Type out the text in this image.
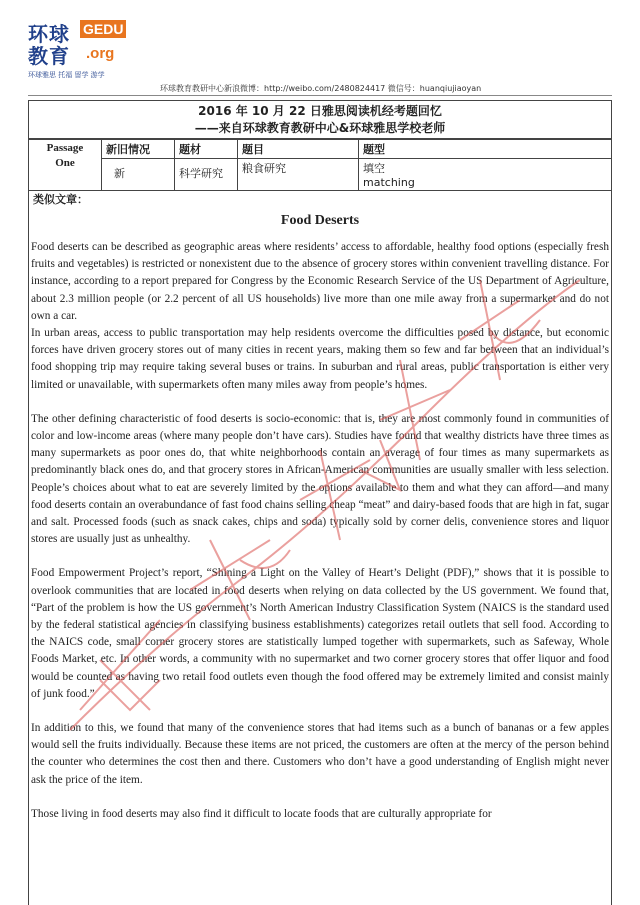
环球
教育
GEDU
.org
环球雅思 托福 留学 游学
环球教育教研中心新浪微博：http://weibo.com/2480824417 微信号：huanqiujiaoyan
2016 年 10 月 22 日雅思阅读机经考题回忆
——来自环球教育教研中心&环球雅思学校老师
Passage
One	新旧情况	题材	题目	题型
	新	科学研究	粮食研究	填空
matching
类似文章：
Food Deserts

Food deserts can be described as geographic areas where residents’ access to affordable, healthy food options (especially fresh fruits and vegetables) is restricted or nonexistent due to the absence of grocery stores within convenient travelling distance. For instance, according to a report prepared for Congress by the Economic Research Service of the US Department of Agriculture, about 2.3 million people (or 2.2 percent of all US households) live more than one mile away from a supermarket and do not own a car.

In urban areas, access to public transportation may help residents overcome the difficulties posed by distance, but economic forces have driven grocery stores out of many cities in recent years, making them so few and far between that an individual’s food shopping trip may require taking several buses or trains. In suburban and rural areas, public transportation is either very limited or unavailable, with supermarkets often many miles away from people’s homes.

The other defining characteristic of food deserts is socio-economic: that is, they are most commonly found in communities of color and low-income areas (where many people don’t have cars). Studies have found that wealthy districts have three times as many supermarkets as poor ones do, that white neighborhoods contain an average of four times as many supermarkets as predominantly black ones do, and that grocery stores in African-American communities are usually smaller with less selection. People’s choices about what to eat are severely limited by the options available to them and what they can afford—and many food deserts contain an overabundance of fast food chains selling cheap “meat” and dairy-based foods that are high in fat, sugar and salt. Processed foods (such as snack cakes, chips and soda) typically sold by corner delis, convenience stores and liquor stores are usually just as unhealthy.

Food Empowerment Project’s report, “Shining a Light on the Valley of Heart’s Delight (PDF),” shows that it is possible to overlook communities that are located in food deserts when relying on data collected by the US government. We found that, “Part of the problem is how the US government’s North American Industry Classification System (NAICS is the standard used by the federal statistical agencies in classifying business establishments) categorizes retail outlets that sell food. According to the NAICS code, small corner grocery stores are statistically lumped together with supermarkets, such as Safeway, Whole Foods Market, etc. In other words, a community with no supermarket and two corner grocery stores that offer liquor and food would be counted as having two retail food outlets even though the food offered may be extremely limited and consist mainly of junk food.”

In addition to this, we found that many of the convenience stores that had items such as a bunch of bananas or a few apples would sell the fruits individually. Because these items are not priced, the customers are often at the mercy of the person behind the counter who determines the cost then and there. Customers who don’t have a good understanding of English might never ask the price of the item.

Those living in food deserts may also find it difficult to locate foods that are culturally appropriate for
